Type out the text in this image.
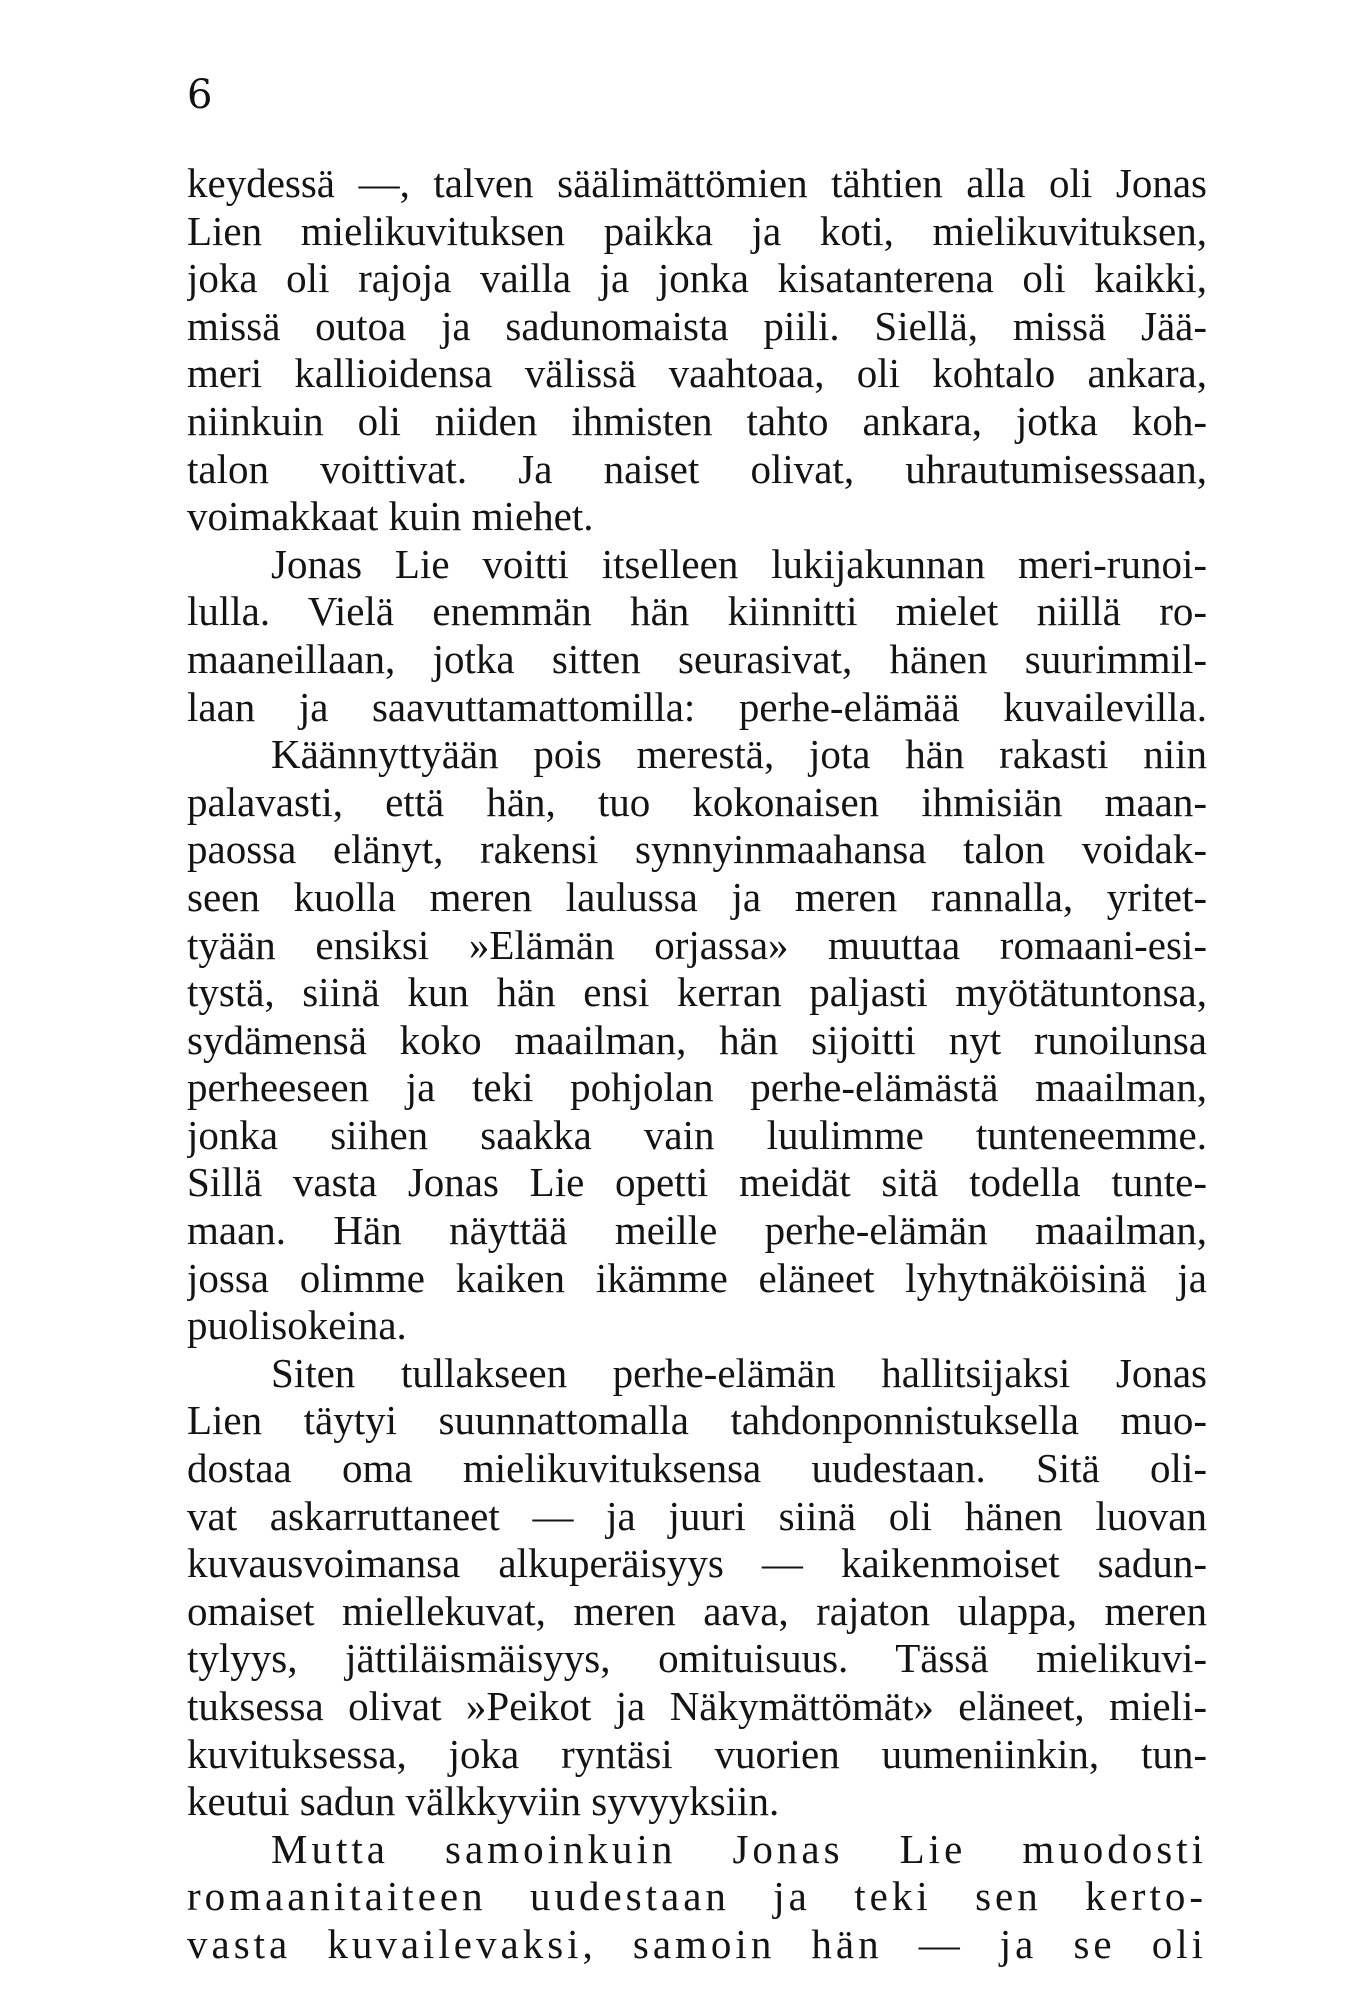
6
keydessä —, talven säälimättömien tähtien alla oli Jonas
Lien mielikuvituksen paikka ja koti, mielikuvituksen,
joka oli rajoja vailla ja jonka kisatanterena oli kaikki,
missä outoa ja sadunomaista piili. Siellä, missä Jää-
meri kallioidensa välissä vaahtoaa, oli kohtalo ankara,
niinkuin oli niiden ihmisten tahto ankara, jotka koh-
talon voittivat. Ja naiset olivat, uhrautumisessaan,
voimakkaat kuin miehet.
Jonas Lie voitti itselleen lukijakunnan meri-runoi-
lulla. Vielä enemmän hän kiinnitti mielet niillä ro-
maaneillaan, jotka sitten seurasivat, hänen suurimmil-
laan ja saavuttamattomilla: perhe-elämää kuvailevilla.
Käännyttyään pois merestä, jota hän rakasti niin
palavasti, että hän, tuo kokonaisen ihmisiän maan-
paossa elänyt, rakensi synnyinmaahansa talon voidak-
seen kuolla meren laulussa ja meren rannalla, yritet-
tyään ensiksi »Elämän orjassa» muuttaa romaani-esi-
tystä, siinä kun hän ensi kerran paljasti myötätuntonsa,
sydämensä koko maailman, hän sijoitti nyt runoilunsa
perheeseen ja teki pohjolan perhe-elämästä maailman,
jonka siihen saakka vain luulimme tunteneemme.
Sillä vasta Jonas Lie opetti meidät sitä todella tunte-
maan. Hän näyttää meille perhe-elämän maailman,
jossa olimme kaiken ikämme eläneet lyhytnäköisinä ja
puolisokeina.
Siten tullakseen perhe-elämän hallitsijaksi Jonas
Lien täytyi suunnattomalla tahdonponnistuksella muo-
dostaa oma mielikuvituksensa uudestaan. Sitä oli-
vat askarruttaneet — ja juuri siinä oli hänen luovan
kuvausvoimansa alkuperäisyys — kaikenmoiset sadun-
omaiset miellekuvat, meren aava, rajaton ulappa, meren
tylyys, jättiläismäisyys, omituisuus. Tässä mielikuvi-
tuksessa olivat »Peikot ja Näkymättömät» eläneet, mieli-
kuvituksessa, joka ryntäsi vuorien uumeniinkin, tun-
keutui sadun välkkyviin syvyyksiin.
Mutta samoinkuin Jonas Lie muodosti
romaanitaiteen uudestaan ja teki sen kerto-
vasta kuvailevaksi, samoin hän — ja se oli
